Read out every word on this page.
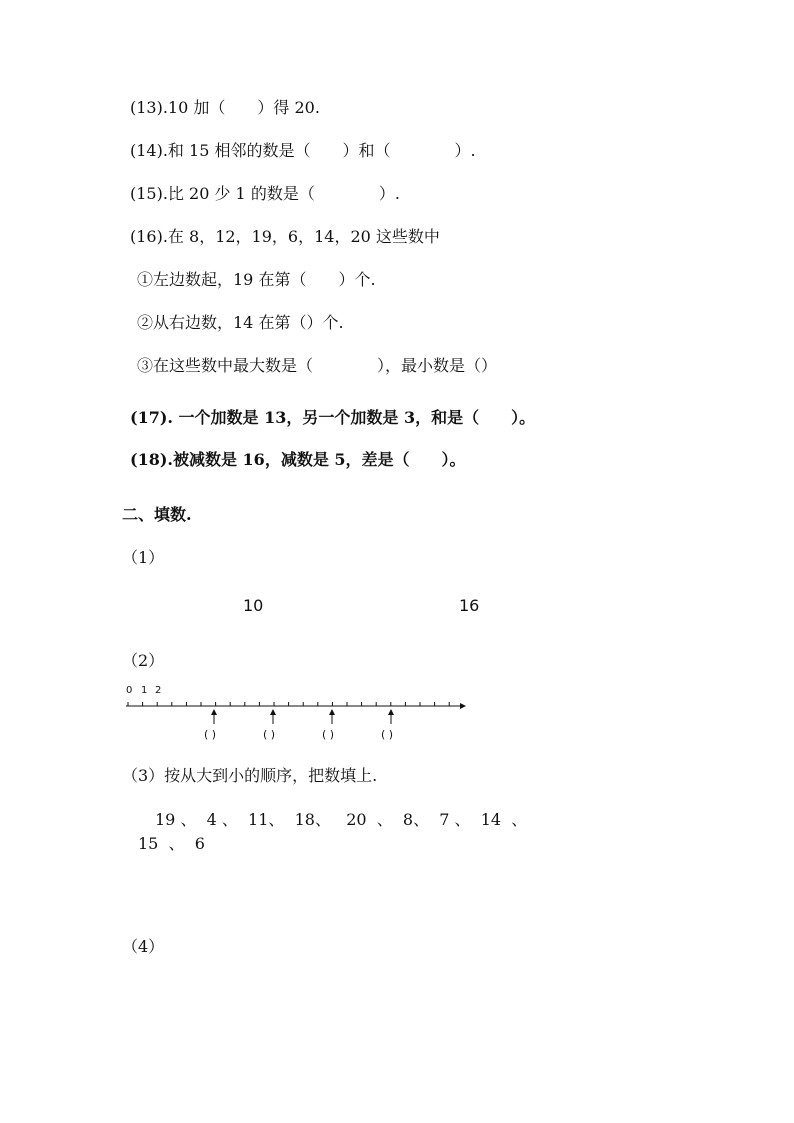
(13).10 加（　　）得 20.
(14).和 15 相邻的数是（　　）和（　　　　）.
(15).比 20 少 1 的数是（　　　　）.
(16).在 8，12，19，6，14，20 这些数中
①左边数起，19 在第（　　）个.
②从右边数，14 在第（）个.
③在这些数中最大数是（　　　　），最小数是（）
(17). 一个加数是 13，另一个加数是 3，和是（　　）。
(18).被减数是 16，减数是 5，差是（　　）。
二、填数.
（1）
10	16
（2）
0 1 2
( )	( )	( )	( )
（3）按从大到小的顺序，把数填上.
19 、  4 、  11、  18、   20  、  8、  7 、  14  、
15  、  6
（4）
